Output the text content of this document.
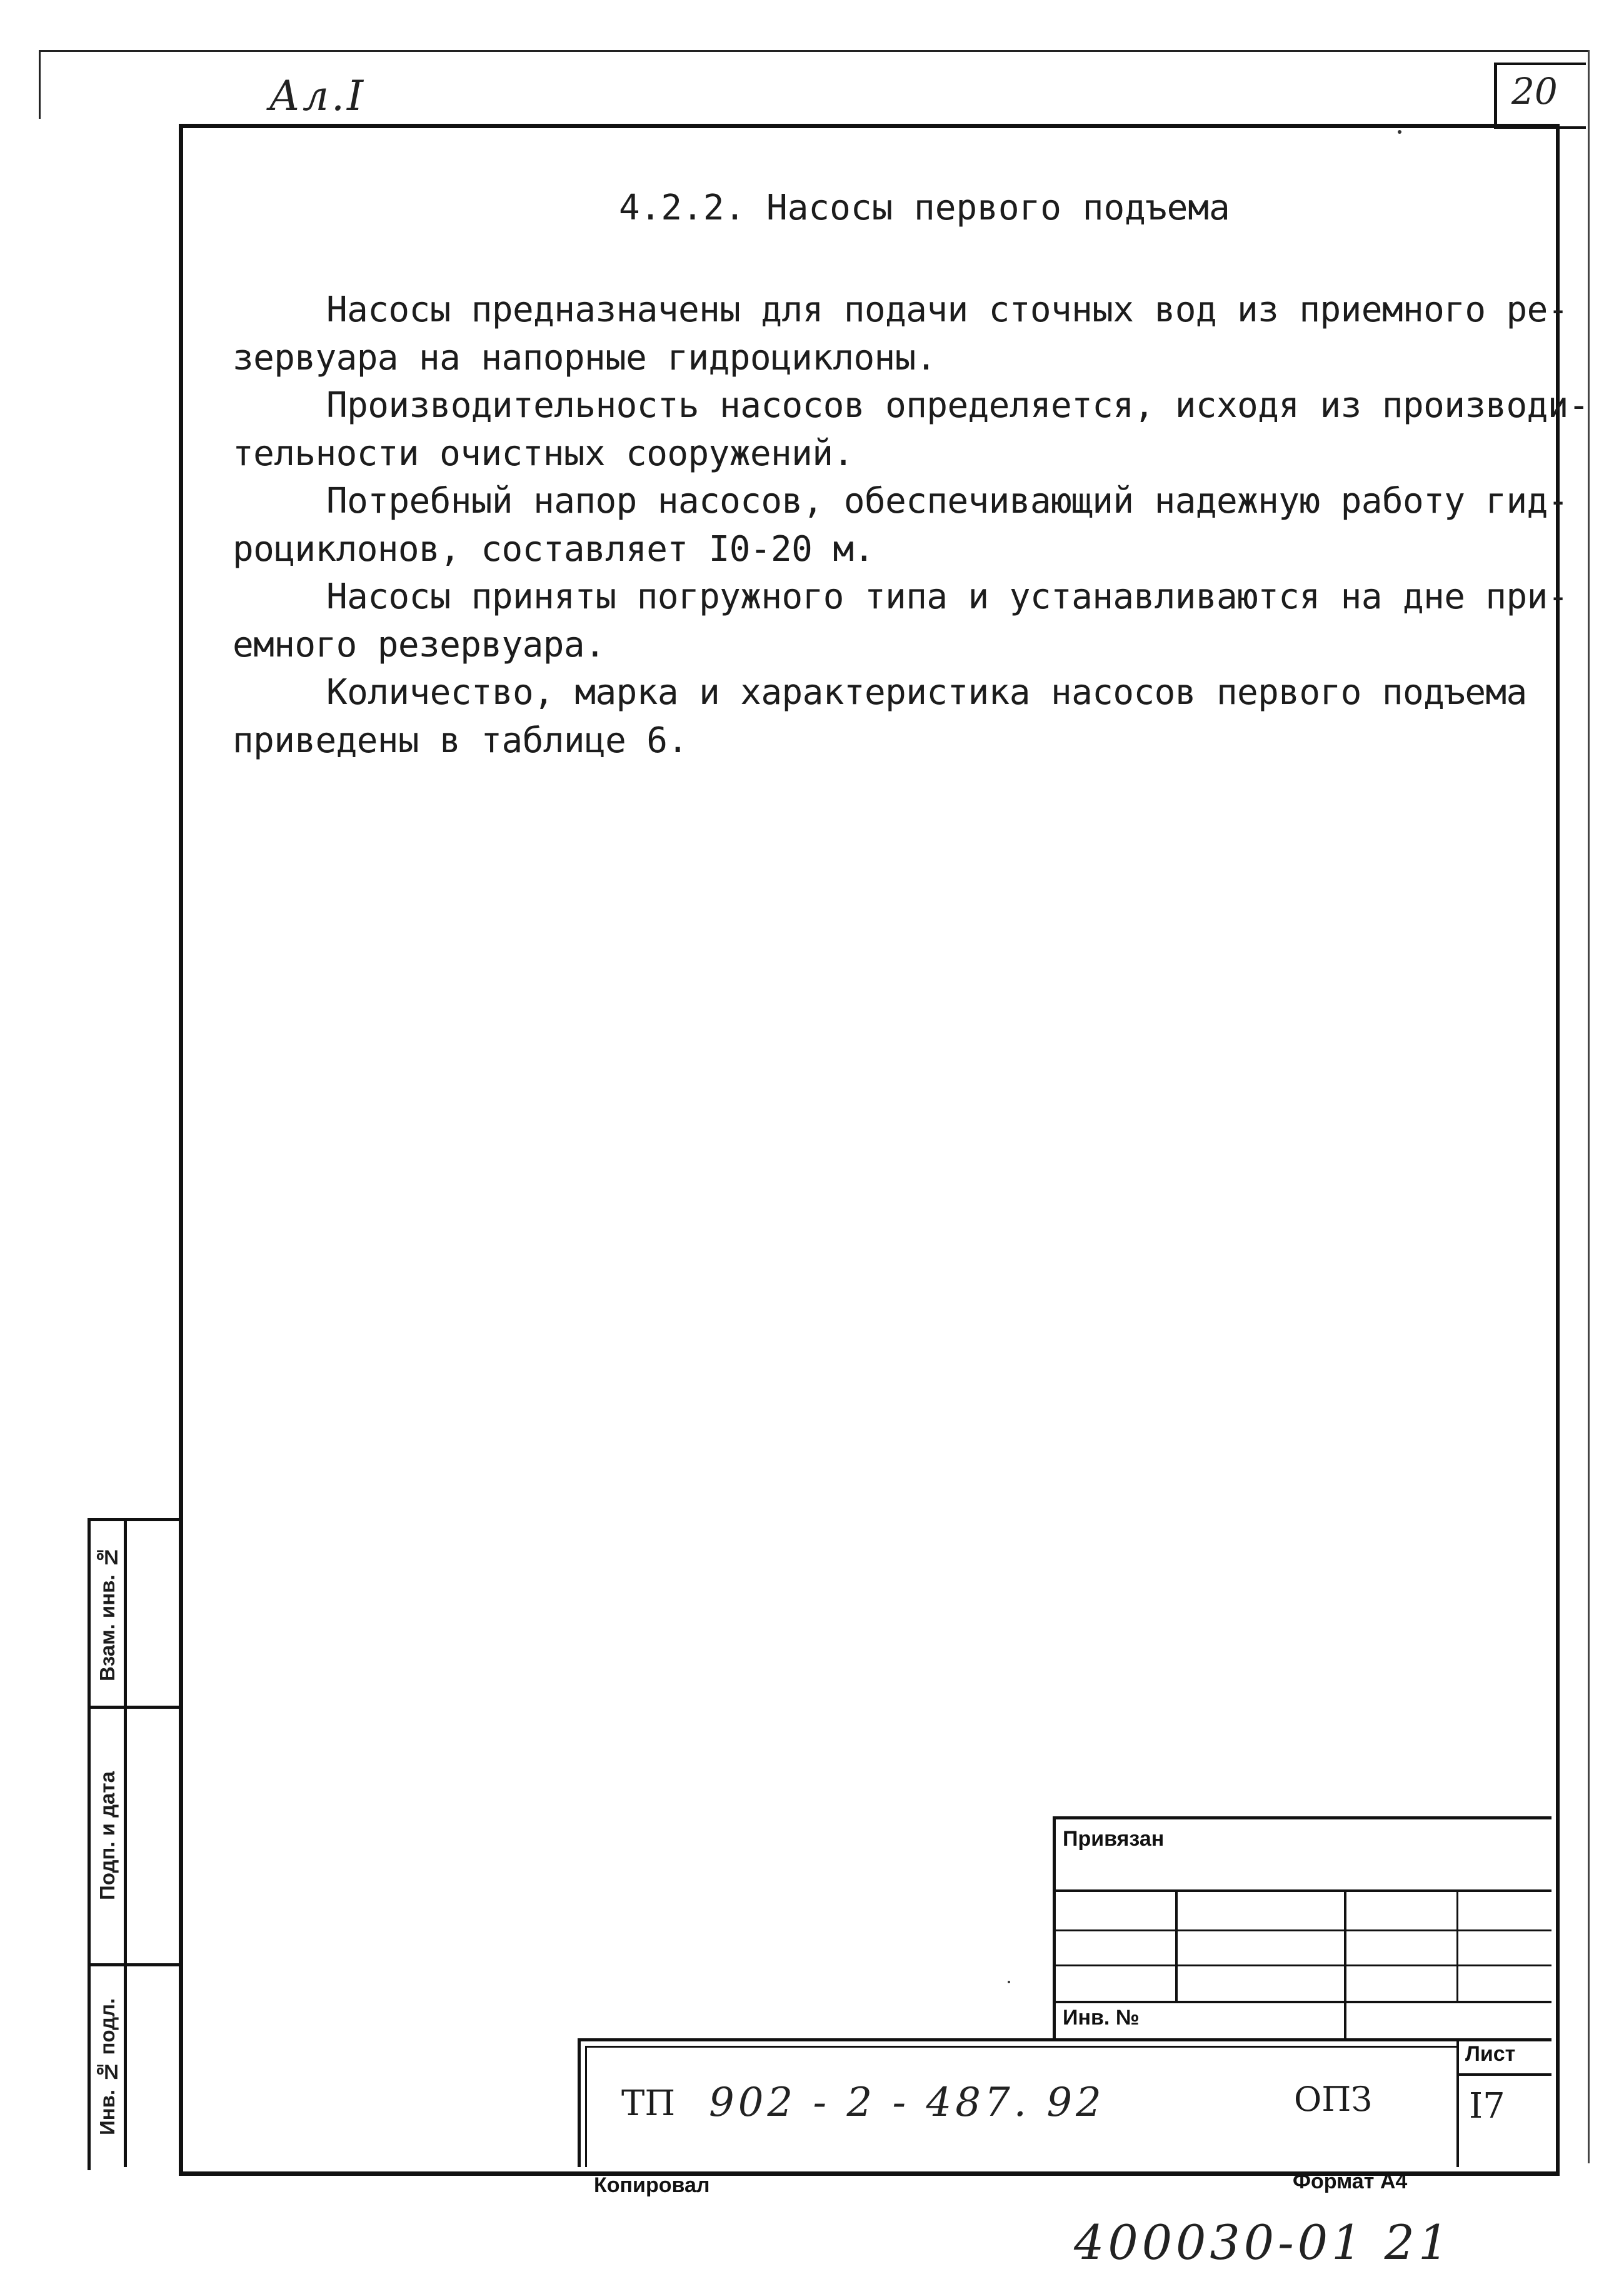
Ал.I	20
4.2.2. Насосы первого подъема
Насосы предназначены для подачи сточных вод из приемного ре-
зервуара на напорные гидроциклоны.
Производительность насосов определяется, исходя из производи-
тельности очистных сооружений.
Потребный напор насосов, обеспечивающий надежную работу гид-
роциклонов, составляет I0-20 м.
Насосы приняты погружного типа и устанавливаются на дне при-
емного резервуара.
Количество, марка и характеристика насосов первого подъема
приведены в таблице 6.
Взам. инв. №
Подп. и дата
Инв. № подл.
Привязан
Инв. №
Лист
ТП 902 - 2 - 487. 92	ОПЗ	I7
Копировал	Формат А4
400030-01 21
